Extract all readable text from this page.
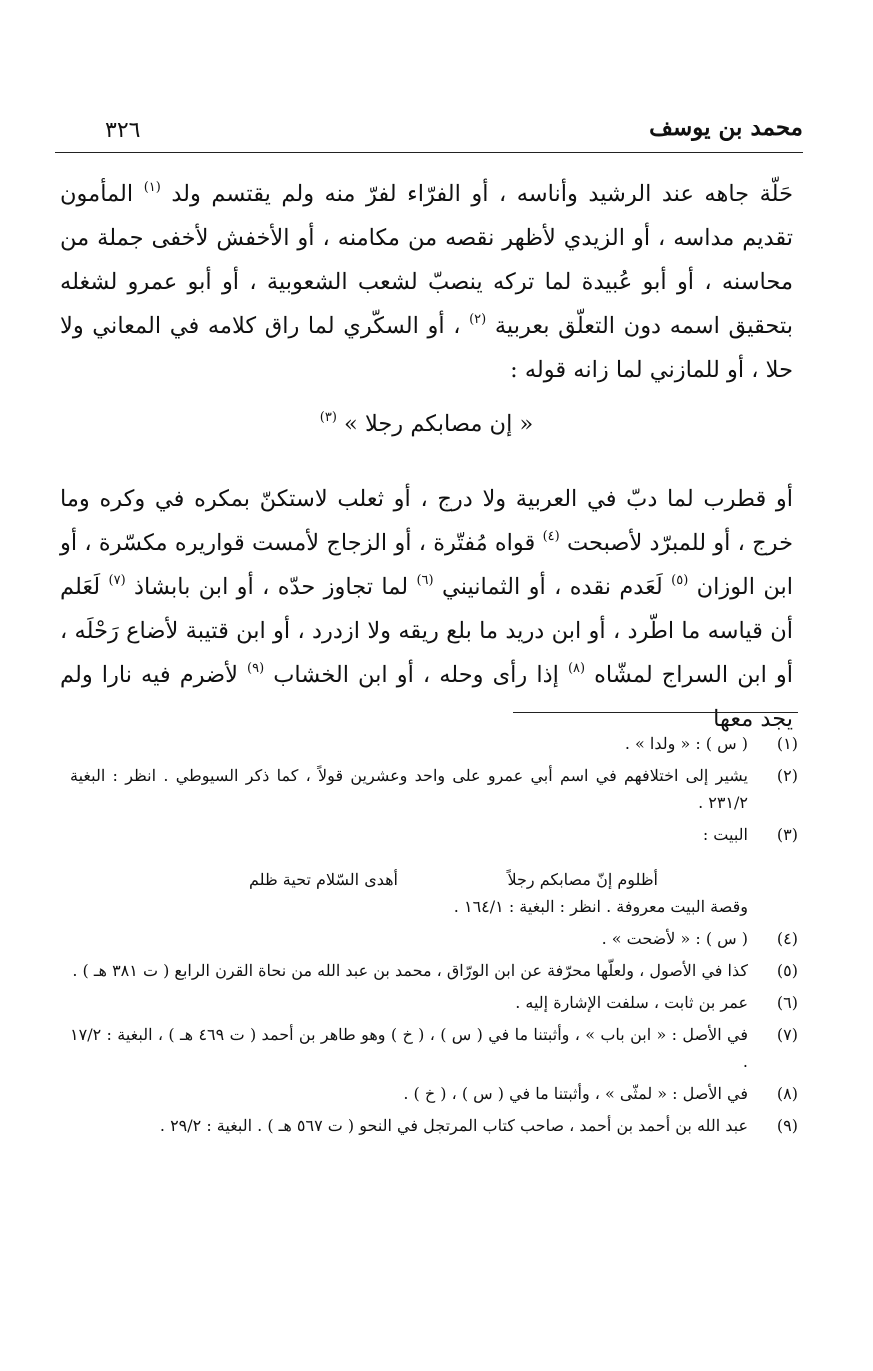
محمد بن يوسف
٣٢٦

حَلّة جاهه عند الرشيد وأناسه ، أو الفرّاء لفرّ منه ولم يقتسم ولد $^{(١)}$ المأمون تقديم مداسه ، أو الزيدي لأظهر نقصه من مكامنه ، أو الأخفش لأخفى جملة من محاسنه ، أو أبو عُبيدة لما تركه ينصبّ لشعب الشعوبية ، أو أبو عمرو لشغله بتحقيق اسمه دون التعلّق بعربية $^{(٢)}$ ، أو السكّري لما راق كلامه في المعاني ولا حلا ، أو للمازني لما زانه قوله :

« إن مصابكم رجلا » $^{(٣)}$

أو قطرب لما دبّ في العربية ولا درج ، أو ثعلب لاستكنّ بمكره في وكره وما خرج ، أو للمبرّد لأصبحت $^{(٤)}$ قواه مُفتّرة ، أو الزجاج لأمست قواريره مكسّرة ، أو ابن الوزان $^{(٥)}$ لَعَدم نقده ، أو الثمانيني $^{(٦)}$ لما تجاوز حدّه ، أو ابن بابشاذ $^{(٧)}$ لَعَلم أن قياسه ما اطّرد ، أو ابن دريد ما بلع ريقه ولا ازدرد ، أو ابن قتيبة لأضاع رَحْلَه ، أو ابن السراج لمشّاه $^{(٨)}$ إذا رأى وحله ، أو ابن الخشاب $^{(٩)}$ لأضرم فيه نارا ولم يجد معها

(١)
( س ) : « ولدا » .
(٢)
يشير إلى اختلافهم في اسم أبي عمرو على واحد وعشرين قولاً ، كما ذكر السيوطي . انظر : البغية ٢٣١/٢ .
(٣)
البيت :
أظلوم إنّ مصابكم رجلاً
أهدى السّلام تحية ظلم
وقصة البيت معروفة . انظر : البغية : ١٦٤/١ .
(٤)
( س ) : « لأضحت » .
(٥)
كذا في الأصول ، ولعلّها محرّفة عن ابن الورّاق ، محمد بن عبد الله من نحاة القرن الرابع ( ت ٣٨١ هـ ) .
(٦)
عمر بن ثابت ، سلفت الإشارة إليه .
(٧)
في الأصل : « ابن باب » ، وأثبتنا ما في ( س ) ، ( خ ) وهو طاهر بن أحمد ( ت ٤٦٩ هـ ) ، البغية : ١٧/٢ .
(٨)
في الأصل : « لمثّى » ، وأثبتنا ما في ( س ) ، ( خ ) .
(٩)
عبد الله بن أحمد بن أحمد ، صاحب كتاب المرتجل في النحو ( ت ٥٦٧ هـ ) . البغية : ٢٩/٢ .
